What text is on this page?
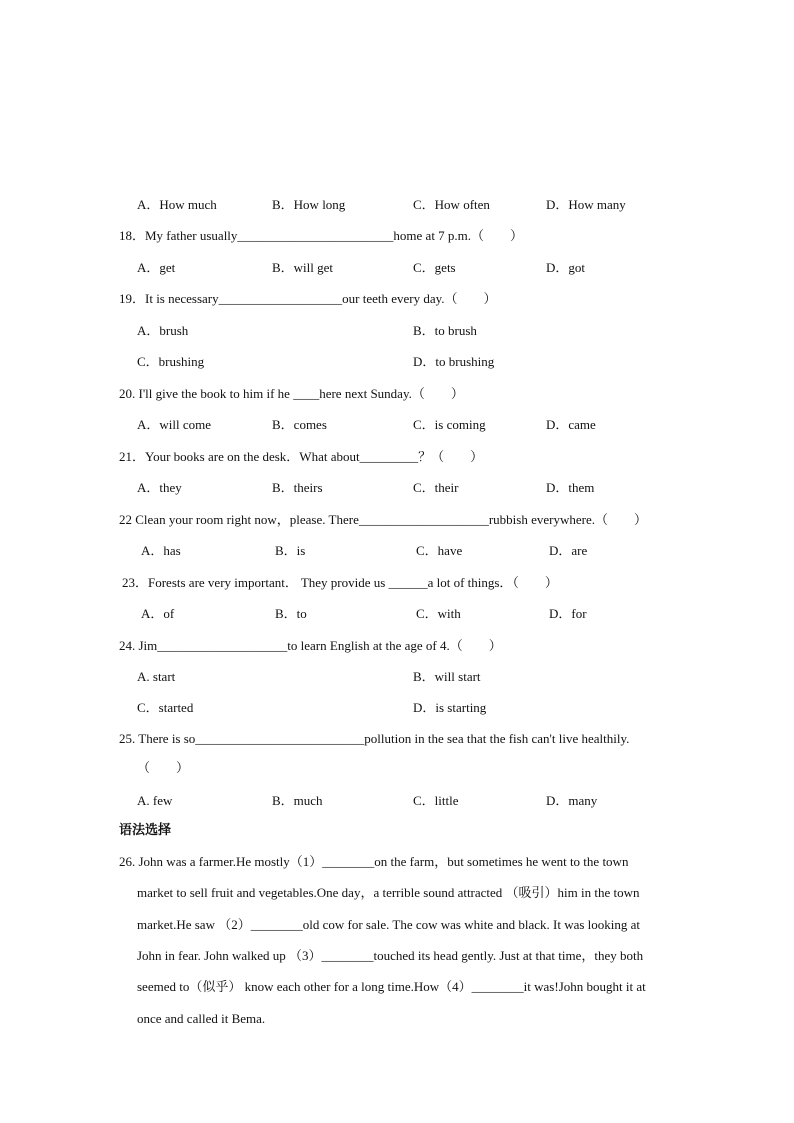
A．How much	B．How long	C．How often	D．How many
18．My father usually________________________home at 7 p.m.（　　）
A．get	B．will get	C．gets	D．got
19．It is necessary___________________our teeth every day.（　　）
A．brush	B．to brush
C．brushing	D．to brushing
20. I'll give the book to him if he ____here next Sunday.（　　）
A．will come	B．comes	C．is coming	D．came
21．Your books are on the desk．What about_________？（　　）
A．they	B．theirs	C．their	D．them
22 Clean your room right now，please. There____________________rubbish everywhere.（　　）
A．has	B．is	C．have	D．are
23．Forests are very important． They provide us ______a lot of things．（　　）
A．of	B．to	C．with	D．for
24. Jim____________________to learn English at the age of 4.（　　）
A. start	B．will start
C．started	D．is starting
25. There is so__________________________pollution in the sea that the fish can't live healthily.
（　　）
A. few	B．much	C．little	D．many
语法选择
26. John was a farmer.He mostly（1）________on the farm，but sometimes he went to the town
market to sell fruit and vegetables.One day，a terrible sound attracted （吸引）him in the town
market.He saw （2）________old cow for sale. The cow was white and black. It was looking at
John in fear. John walked up （3）________touched its head gently. Just at that time，they both
seemed to（似乎） know each other for a long time.How（4）________it was!John bought it at
once and called it Bema.
